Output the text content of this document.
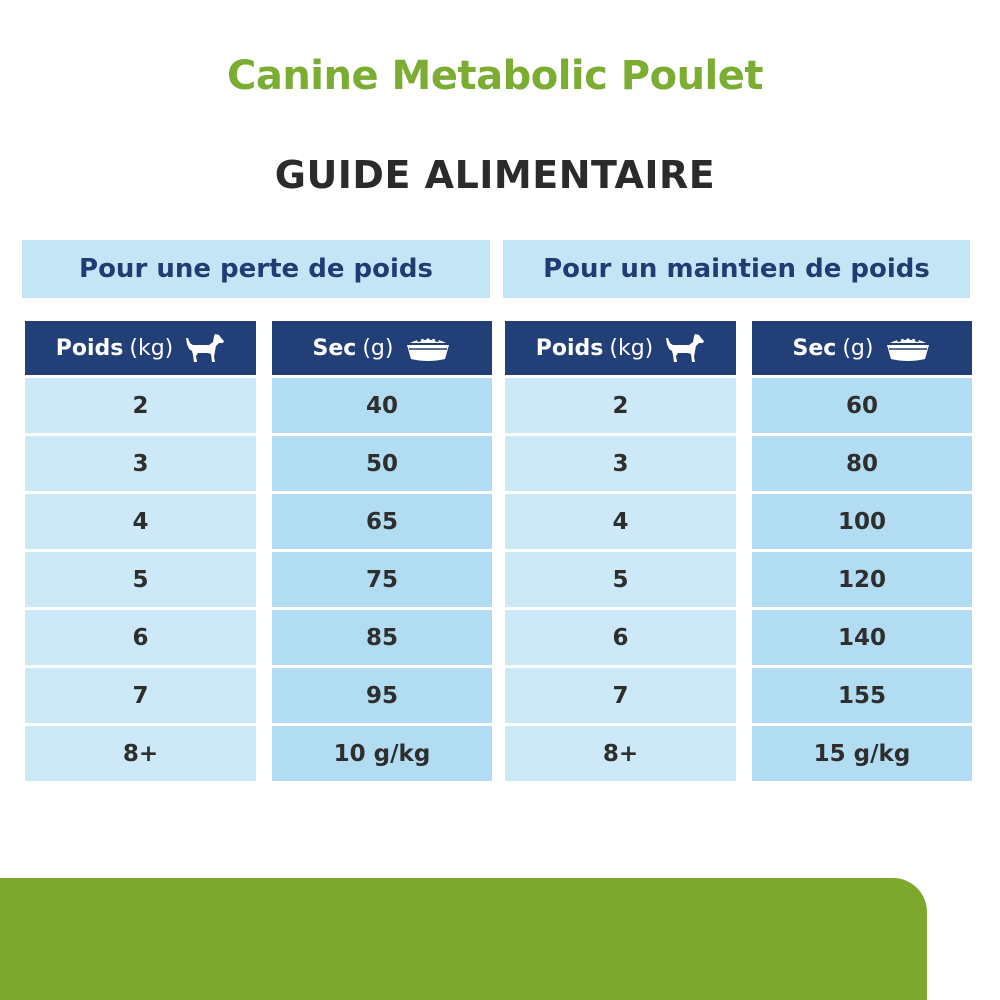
Canine Metabolic Poulet
GUIDE ALIMENTAIRE
Pour une perte de poids	Pour un maintien de poids
Poids (kg)
2
3
4
5
6
7
8+
Sec (g)
40
50
65
75
85
95
10 g/kg
Poids (kg)
2
3
4
5
6
7
8+
Sec (g)
60
80
100
120
140
155
15 g/kg
